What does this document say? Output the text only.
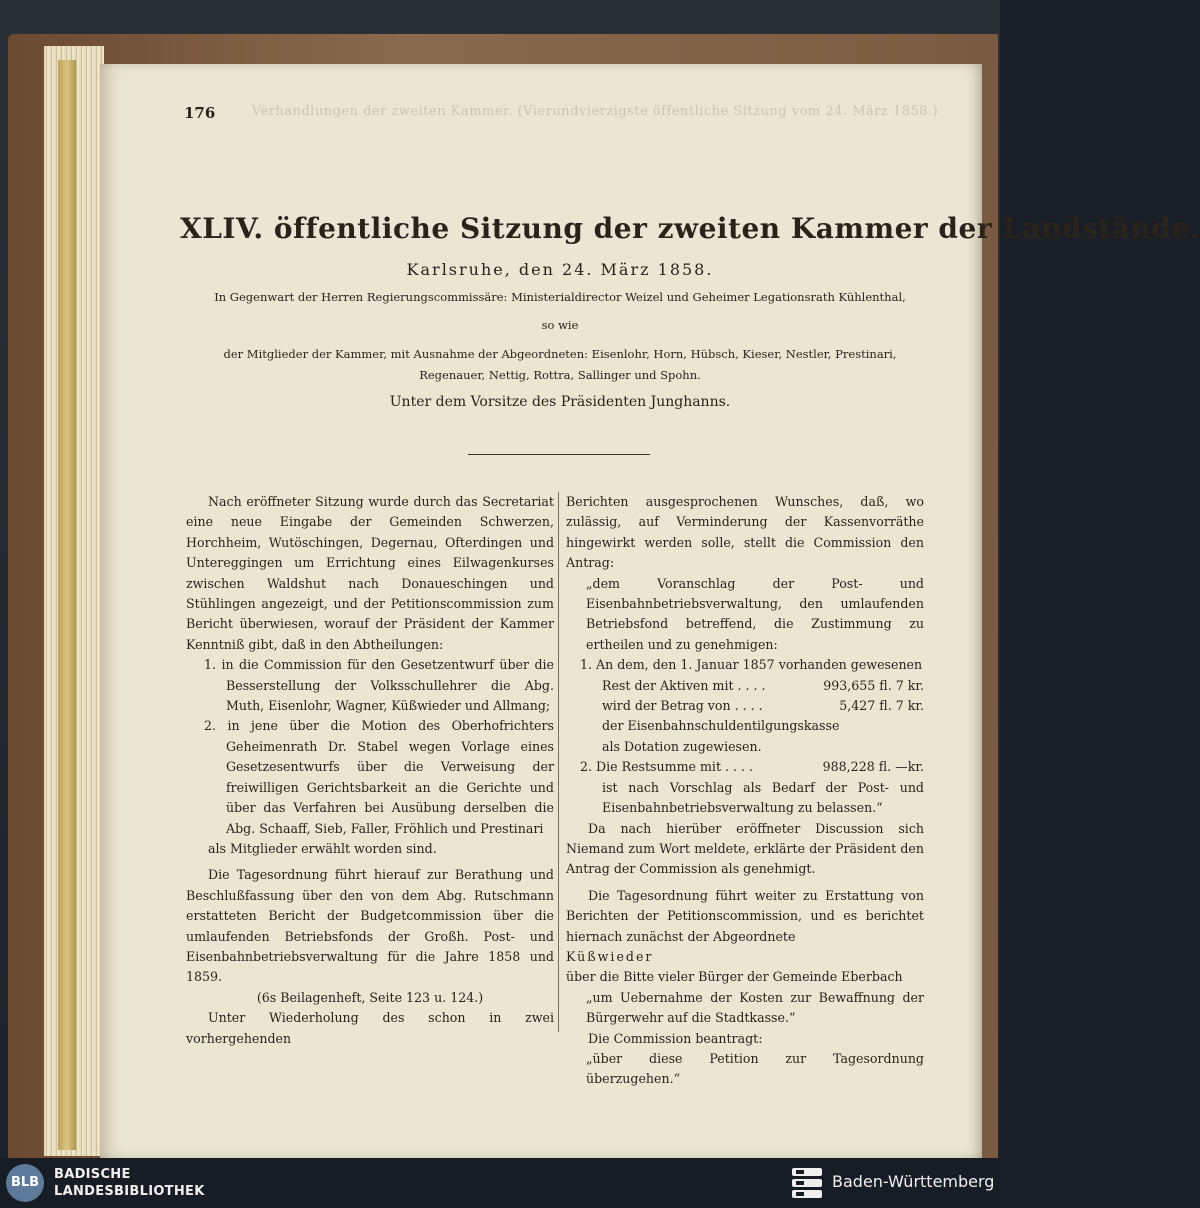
176	Verhandlungen der zweiten Kammer. (Vierundvierzigste öffentliche Sitzung vom 24. März 1858.)
XLIV. öffentliche Sitzung der zweiten Kammer der Landstände.
Karlsruhe, den 24. März 1858.
In Gegenwart der Herren Regierungscommissäre: Ministerialdirector Weizel und Geheimer Legationsrath Kühlenthal,
so wie
der Mitglieder der Kammer, mit Ausnahme der Abgeordneten: Eisenlohr, Horn, Hübsch, Kieser, Nestler, Prestinari,
Regenauer, Nettig, Rottra, Sallinger und Spohn.
Unter dem Vorsitze des Präsidenten Junghanns.

Nach eröffneter Sitzung wurde durch das Secretariat eine neue Eingabe der Gemeinden Schwerzen, Horchheim, Wutöschingen, Degernau, Ofterdingen und Untereggingen um Errichtung eines Eilwagenkurses zwischen Waldshut nach Donaueschingen und Stühlingen angezeigt, und der Petitionscommission zum Bericht überwiesen, worauf der Präsident der Kammer Kenntniß gibt, daß in den Abtheilungen:

1. in die Commission für den Gesetzentwurf über die Besserstellung der Volksschullehrer die Abg. Muth, Eisenlohr, Wagner, Küßwieder und Allmang;

2. in jene über die Motion des Oberhofrichters Geheimenrath Dr. Stabel wegen Vorlage eines Gesetzesentwurfs über die Verweisung der freiwilligen Gerichtsbarkeit an die Gerichte und über das Verfahren bei Ausübung derselben die Abg. Schaaff, Sieb, Faller, Fröhlich und Prestinari

als Mitglieder erwählt worden sind.

Die Tagesordnung führt hierauf zur Berathung und Beschlußfassung über den von dem Abg. Rutschmann erstatteten Bericht der Budgetcommission über die umlaufenden Betriebsfonds der Großh. Post- und Eisenbahnbetriebsverwaltung für die Jahre 1858 und 1859.

(6s Beilagenheft, Seite 123 u. 124.)

Unter Wiederholung des schon in zwei vorhergehenden

Berichten ausgesprochenen Wunsches, daß, wo zulässig, auf Verminderung der Kassenvorräthe hingewirkt werden solle, stellt die Commission den Antrag:

„dem Voranschlag der Post- und Eisenbahnbetriebsverwaltung, den umlaufenden Betriebsfond betreffend, die Zustimmung zu ertheilen und zu genehmigen:

1. An dem, den 1. Januar 1857 vorhanden gewesenen

Rest der Aktiven mit . . . .	993,655 fl. 7 kr.
wird der Betrag von . . . .	5,427 fl. 7 kr.

der Eisenbahnschuldentilgungskasse

als Dotation zugewiesen.

2. Die Restsumme mit . . . .	988,228 fl. —kr.

ist nach Vorschlag als Bedarf der Post- und Eisenbahnbetriebsverwaltung zu belassen.“

Da nach hierüber eröffneter Discussion sich Niemand zum Wort meldete, erklärte der Präsident den Antrag der Commission als genehmigt.

Die Tagesordnung führt weiter zu Erstattung von Berichten der Petitionscommission, und es berichtet hiernach zunächst der Abgeordnete

Küßwieder

über die Bitte vieler Bürger der Gemeinde Eberbach

„um Uebernahme der Kosten zur Bewaffnung der Bürgerwehr auf die Stadtkasse.“

Die Commission beantragt:

„über diese Petition zur Tagesordnung überzugehen.“

BLB
BADISCHE
LANDESBIBLIOTHEK
Baden-Württemberg
